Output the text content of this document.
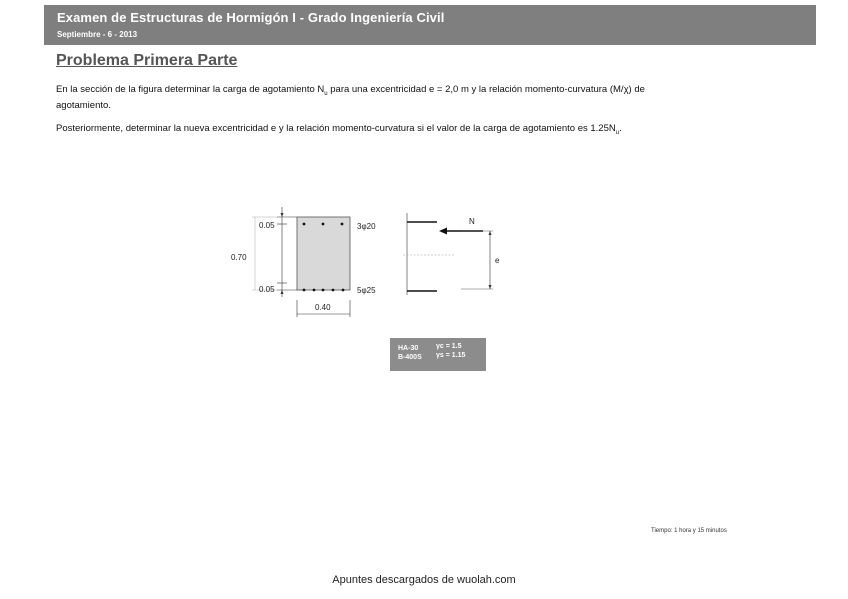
Examen de Estructuras de Hormigón I - Grado Ingeniería Civil
Septiembre - 6 - 2013
Problema Primera Parte
En la sección de la figura determinar la carga de agotamiento $N_u$ para una excentricidad e = 2,0 m y la relación momento-curvatura (M/χ) de agotamiento.
Posteriormente, determinar la nueva excentricidad e y la relación momento-curvatura si el valor de la carga de agotamiento es $1.25N_u$.
0.05
0.70
0.05
0.40
3φ20
5φ25
N
e
HA-30
B-400S
γc = 1.5
γs = 1.15
Tiempo: 1 hora y 15 minutos
Apuntes descargados de wuolah.com
